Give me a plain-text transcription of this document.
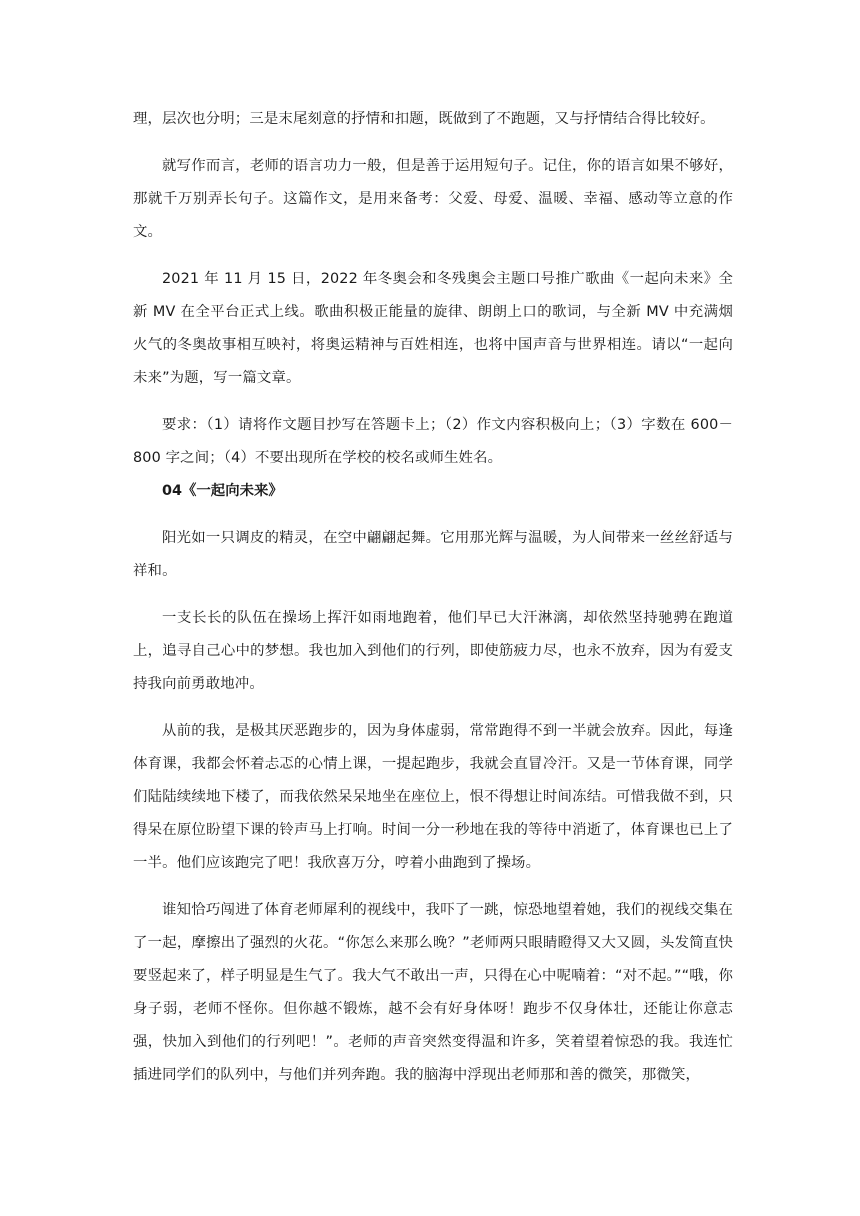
理，层次也分明；三是末尾刻意的抒情和扣题，既做到了不跑题，又与抒情结合得比较好。

就写作而言，老师的语言功力一般，但是善于运用短句子。记住，你的语言如果不够好，那就千万别弄长句子。这篇作文，是用来备考：父爱、母爱、温暖、幸福、感动等立意的作文。

2021 年 11 月 15 日，2022 年冬奥会和冬残奥会主题口号推广歌曲《一起向未来》全新 MV 在全平台正式上线。歌曲积极正能量的旋律、朗朗上口的歌词，与全新 MV 中充满烟火气的冬奥故事相互映衬，将奥运精神与百姓相连，也将中国声音与世界相连。请以“一起向未来”为题，写一篇文章。

要求：（1）请将作文题目抄写在答题卡上；（2）作文内容积极向上；（3）字数在 600－800 字之间；（4）不要出现所在学校的校名或师生姓名。

04《一起向未来》

阳光如一只调皮的精灵，在空中翩翩起舞。它用那光辉与温暖，为人间带来一丝丝舒适与祥和。

一支长长的队伍在操场上挥汗如雨地跑着，他们早已大汗淋漓，却依然坚持驰骋在跑道上，追寻自己心中的梦想。我也加入到他们的行列，即使筋疲力尽，也永不放弃，因为有爱支持我向前勇敢地冲。

从前的我，是极其厌恶跑步的，因为身体虚弱，常常跑得不到一半就会放弃。因此，每逢体育课，我都会怀着忐忑的心情上课，一提起跑步，我就会直冒冷汗。又是一节体育课，同学们陆陆续续地下楼了，而我依然呆呆地坐在座位上，恨不得想让时间冻结。可惜我做不到，只得呆在原位盼望下课的铃声马上打响。时间一分一秒地在我的等待中消逝了，体育课也已上了一半。他们应该跑完了吧！我欣喜万分，哼着小曲跑到了操场。

谁知恰巧闯进了体育老师犀利的视线中，我吓了一跳，惊恐地望着她，我们的视线交集在了一起，摩擦出了强烈的火花。“你怎么来那么晚？”老师两只眼睛瞪得又大又圆，头发简直快要竖起来了，样子明显是生气了。我大气不敢出一声，只得在心中呢喃着：“对不起。”“哦，你身子弱，老师不怪你。但你越不锻炼，越不会有好身体呀！跑步不仅身体壮，还能让你意志强，快加入到他们的行列吧！”。老师的声音突然变得温和许多，笑着望着惊恐的我。我连忙插进同学们的队列中，与他们并列奔跑。我的脑海中浮现出老师那和善的微笑，那微笑，
